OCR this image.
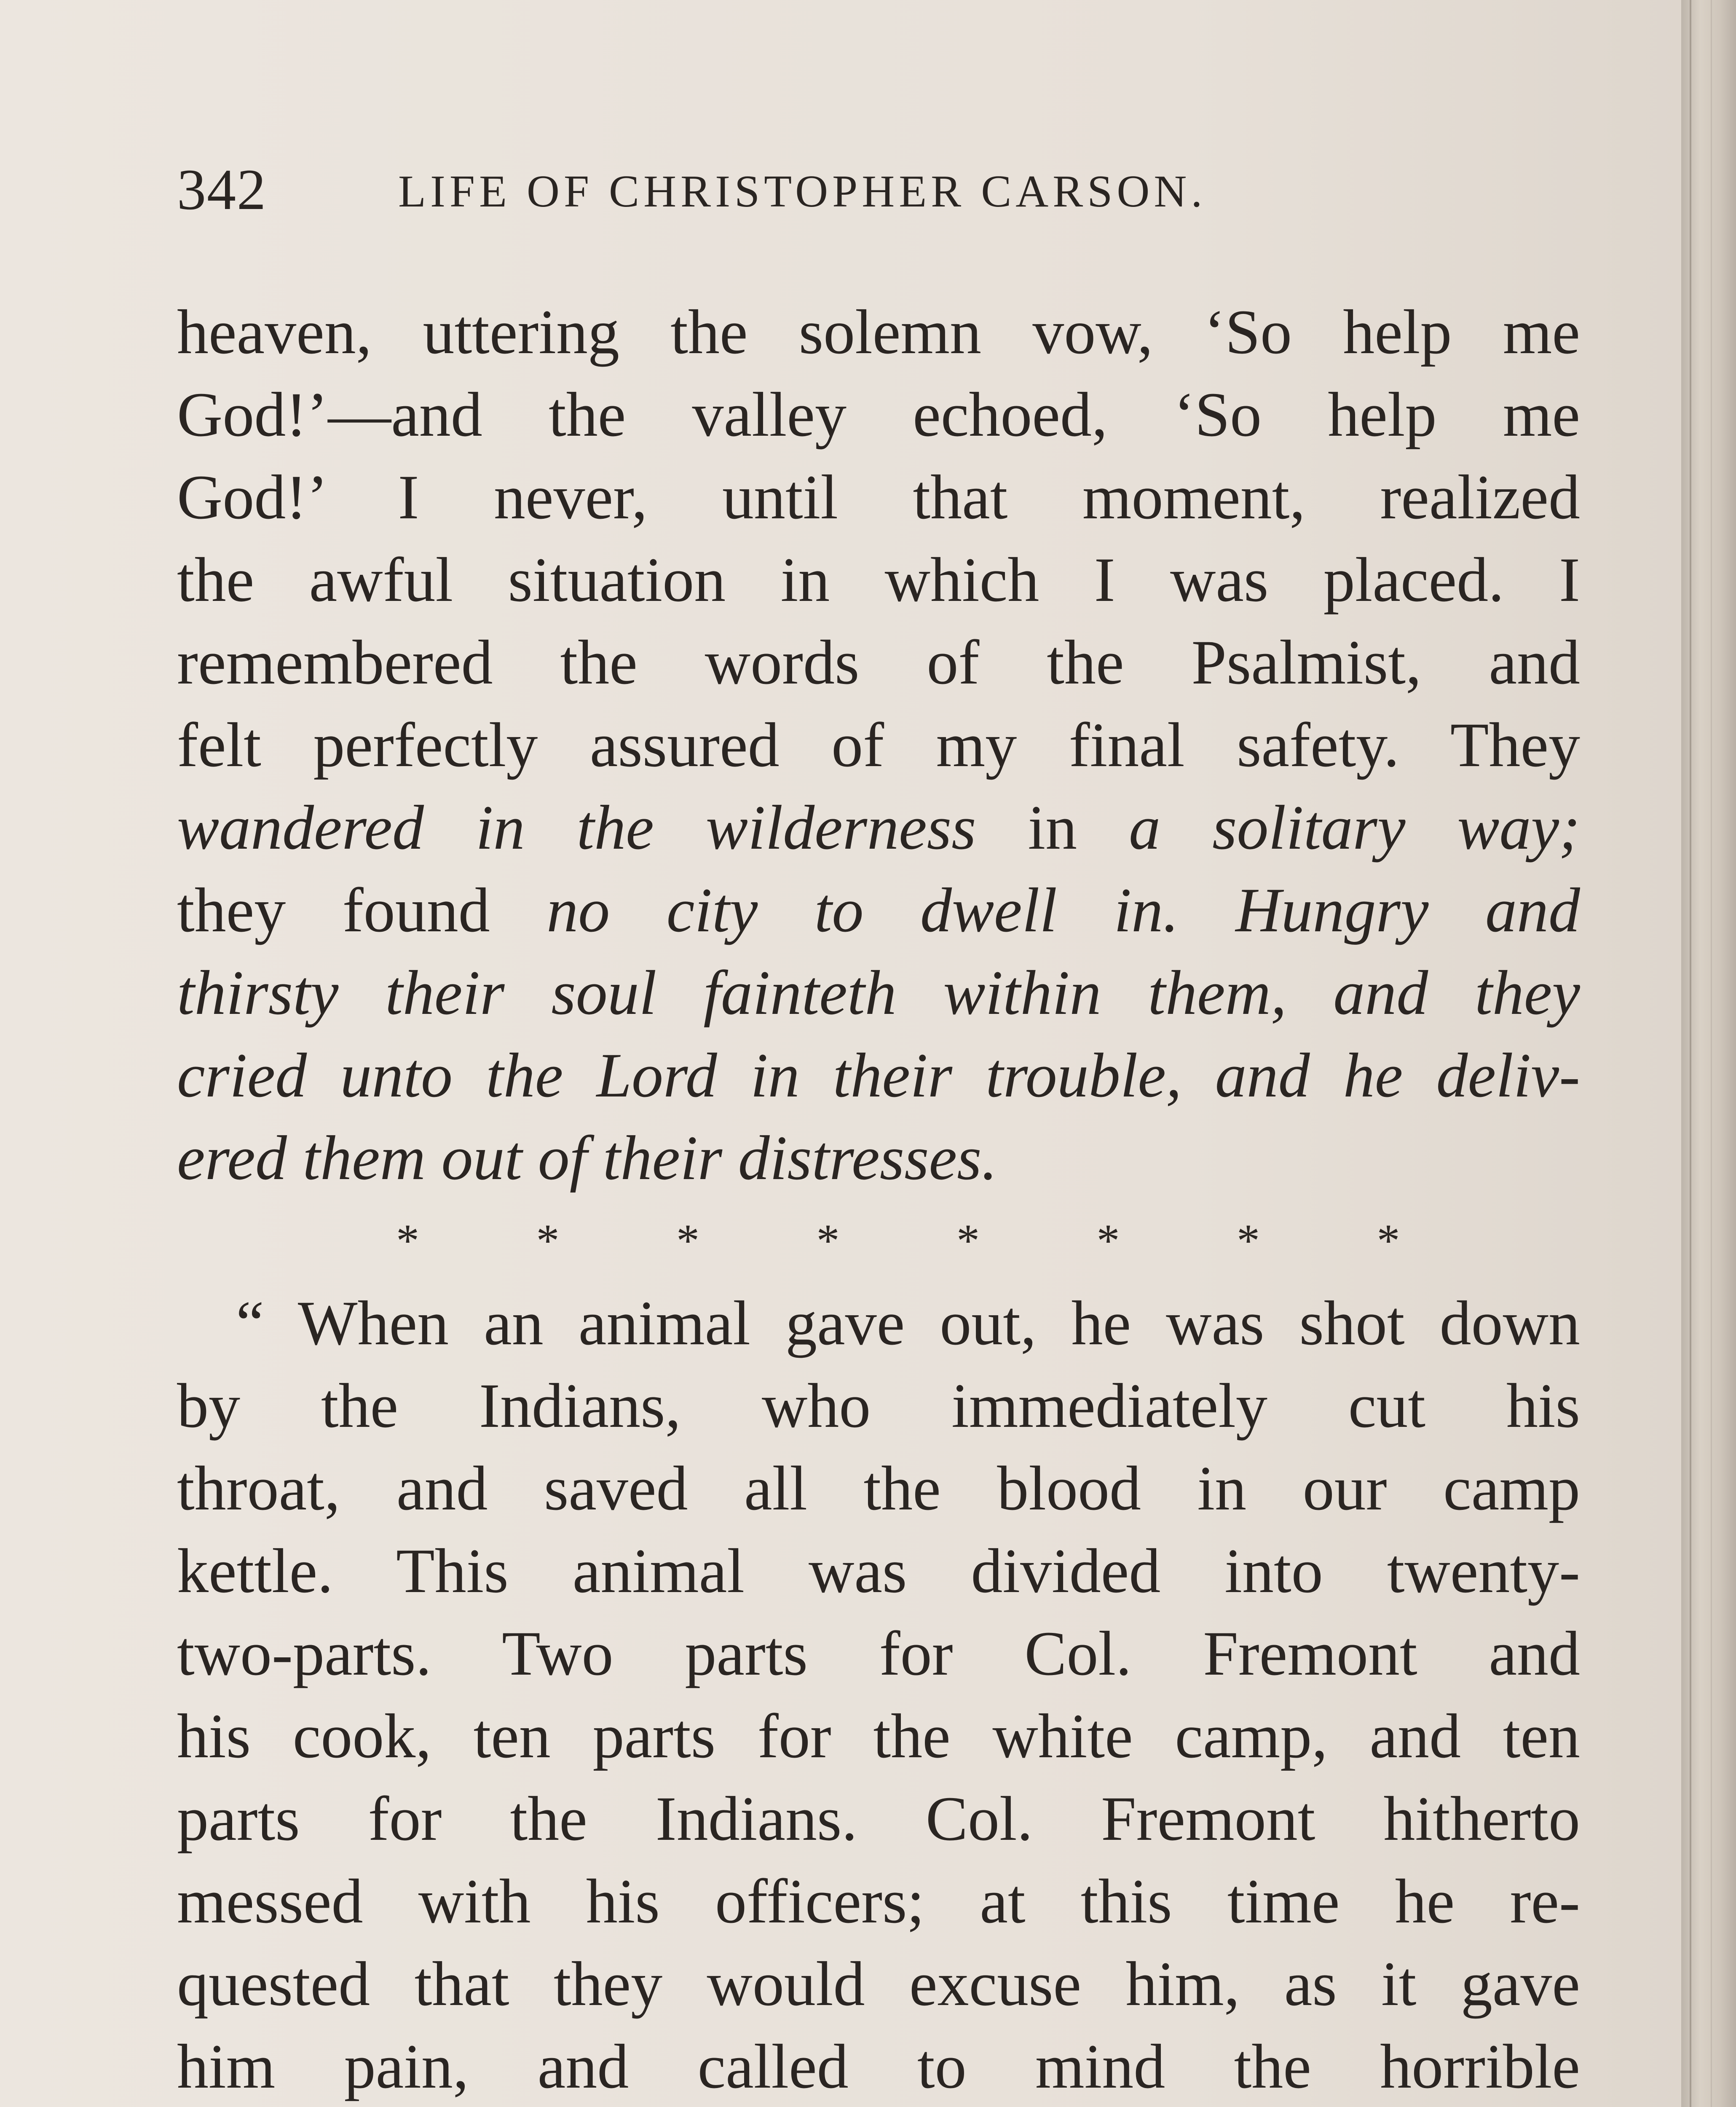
342	LIFE OF CHRISTOPHER CARSON.
heaven, uttering the solemn vow, ‘So help me
God!’—and the valley echoed, ‘So help me
God!’ I never, until that moment, realized
the awful situation in which I was placed. I
remembered the words of the Psalmist, and
felt perfectly assured of my final safety. They
wandered in the wilderness in a solitary way;
they found no city to dwell in. Hungry and
thirsty their soul fainteth within them, and they
cried unto the Lord in their trouble, and he deliv-
ered them out of their distresses.
* * * * * * * *
“ When an animal gave out, he was shot down
by the Indians, who immediately cut his
throat, and saved all the blood in our camp
kettle. This animal was divided into twenty-
two-parts. Two parts for Col. Fremont and
his cook, ten parts for the white camp, and ten
parts for the Indians. Col. Fremont hitherto
messed with his officers; at this time he re-
quested that they would excuse him, as it gave
him pain, and called to mind the horrible
